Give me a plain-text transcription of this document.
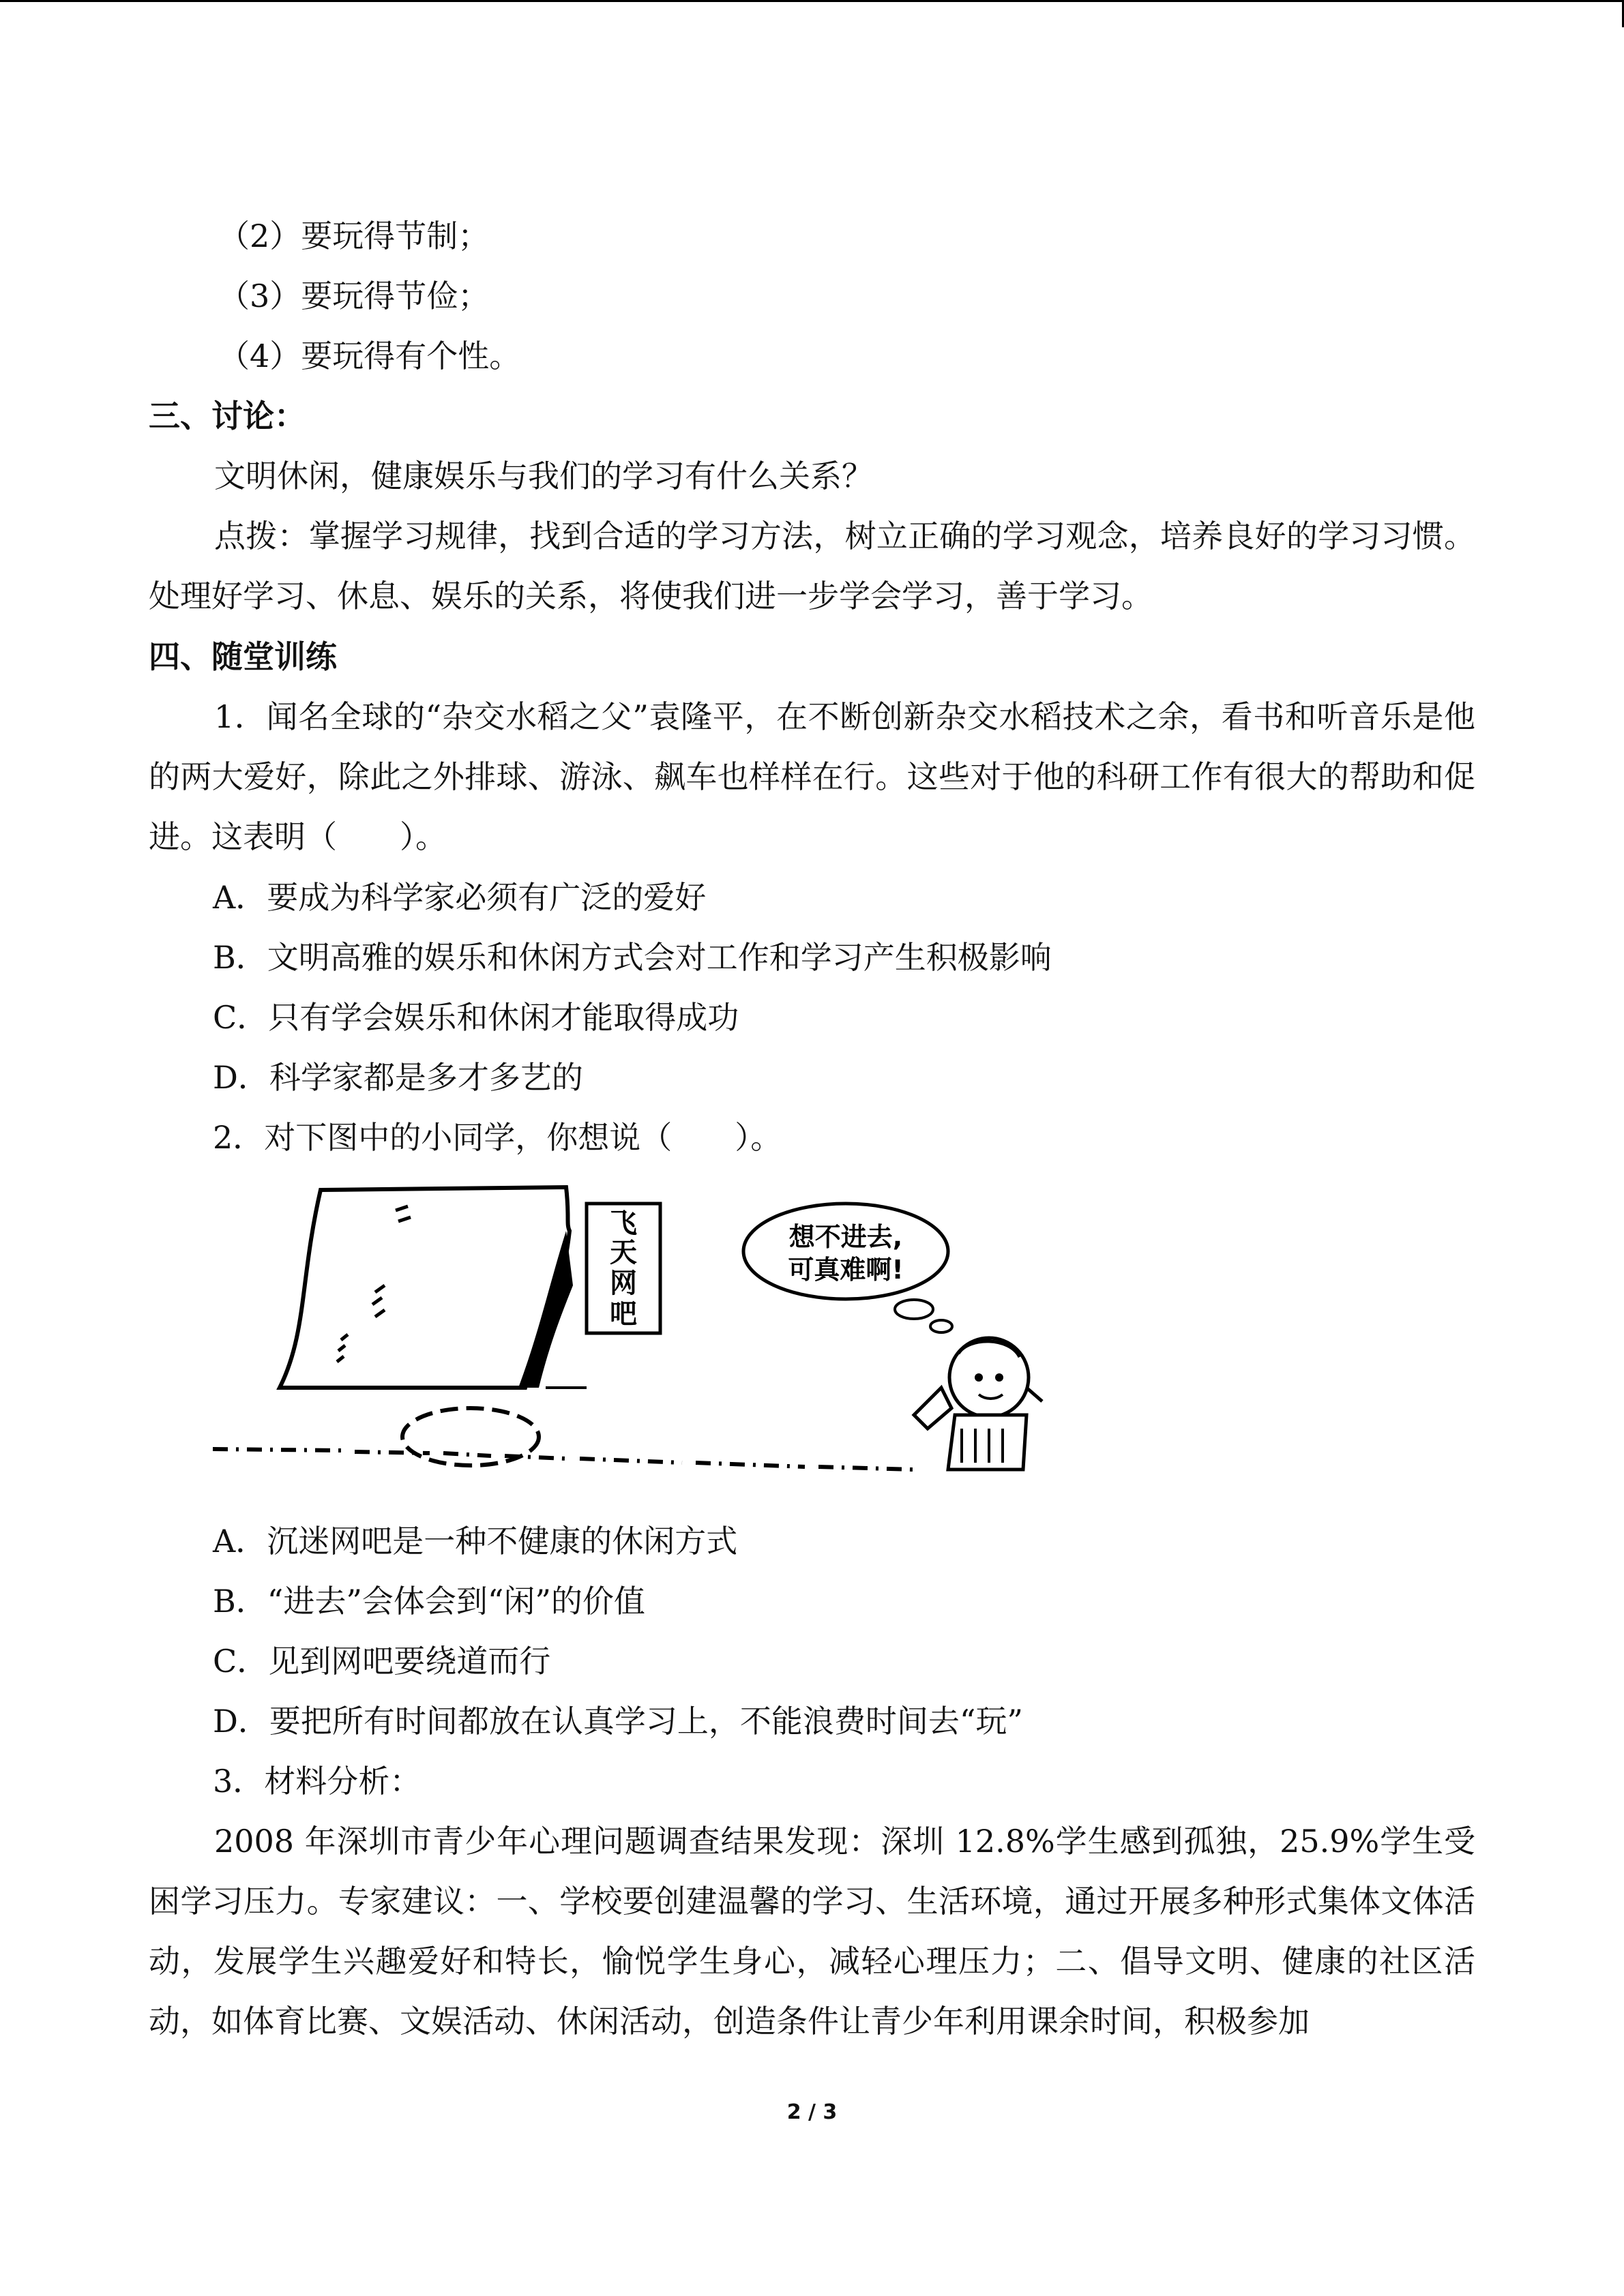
（2）要玩得节制；
（3）要玩得节俭；
（4）要玩得有个性。
三、讨论：
文明休闲，健康娱乐与我们的学习有什么关系？
点拨：掌握学习规律，找到合适的学习方法，树立正确的学习观念，培养良好的学习习惯。处理好学习、休息、娱乐的关系，将使我们进一步学会学习，善于学习。
四、随堂训练
1．闻名全球的“杂交水稻之父”袁隆平，在不断创新杂交水稻技术之余，看书和听音乐是他的两大爱好，除此之外排球、游泳、飙车也样样在行。这些对于他的科研工作有很大的帮助和促进。这表明（　　）。
A．要成为科学家必须有广泛的爱好
B．文明高雅的娱乐和休闲方式会对工作和学习产生积极影响
C．只有学会娱乐和休闲才能取得成功
D．科学家都是多才多艺的
2．对下图中的小同学，你想说（　　）。
飞
天
网
吧
想不进去,
可真难啊!
A．沉迷网吧是一种不健康的休闲方式
B．“进去”会体会到“闲”的价值
C．见到网吧要绕道而行
D．要把所有时间都放在认真学习上，不能浪费时间去“玩”
3．材料分析：
2008 年深圳市青少年心理问题调查结果发现：深圳 12.8%学生感到孤独，25.9%学生受困学习压力。专家建议：一、学校要创建温馨的学习、生活环境，通过开展多种形式集体文体活动，发展学生兴趣爱好和特长，愉悦学生身心，减轻心理压力；二、倡导文明、健康的社区活动，如体育比赛、文娱活动、休闲活动，创造条件让青少年利用课余时间，积极参加
2 / 3
